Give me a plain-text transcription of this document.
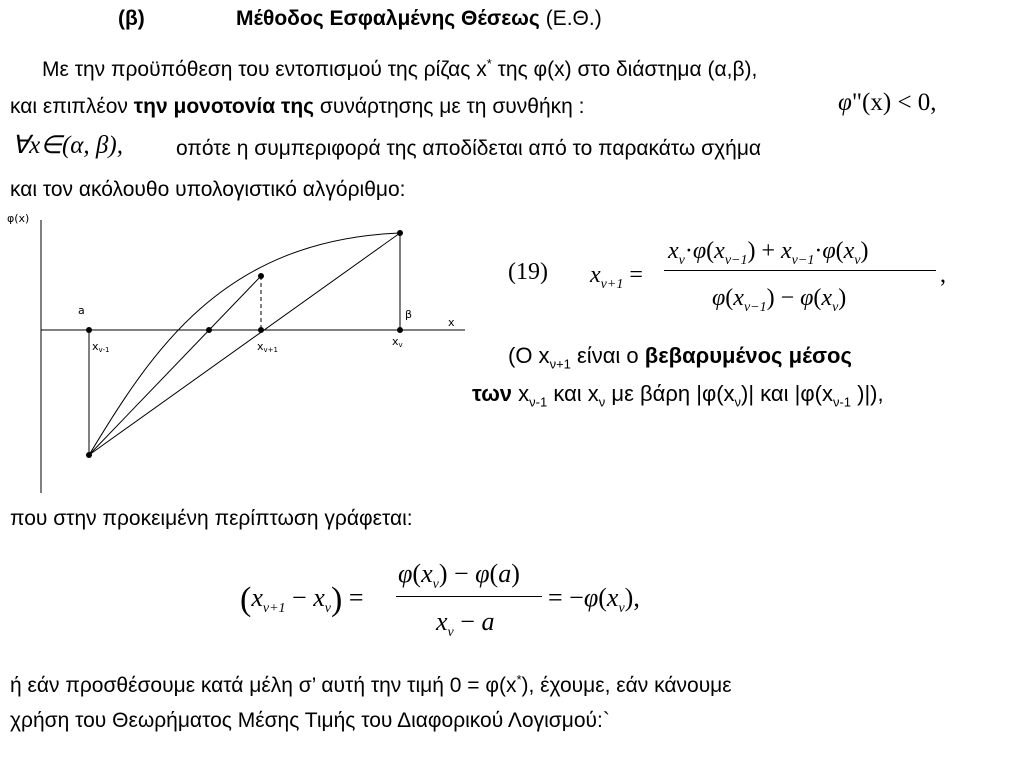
(β)	Μέθοδος Εσφαλμένης Θέσεως (Ε.Θ.)
Με την προϋπόθεση του εντοπισμού της ρίζας x* της φ(x) στο διάστημα (α,β),
και επιπλέον την μονοτονία της συνάρτησης με τη συνθήκη :	φ"(x) < 0,
∀x∈(α, β),	οπότε η συμπεριφορά της αποδίδεται από το παρακάτω σχήμα
και τον ακόλουθο υπολογιστικό αλγόριθμο:
φ(x)
x
a	β
xv-1	xv+1
xv
(19) $x_{\nu+1}$ =
$x_\nu\cdot\varphi(x_{\nu-1}) + x_{\nu-1}\cdot\varphi(x_\nu)$
$\varphi(x_{\nu-1}) - \varphi(x_\nu)$
,
(Ο $x_{\nu+1}$ είναι ο βεβαρυμένος μέσος
των $x_{\nu-1}$ και $x_\nu$ με βάρη $|\varphi(x_\nu)|$ και $|\varphi(x_{\nu-1}$ )|),
που στην προκειμένη περίπτωση γράφεται:
$(x_{\nu+1} - x_\nu)$ =
$\varphi(x_\nu) - \varphi(a)$
$x_\nu - a$
= $-\varphi(x_\nu)$,
ή εάν προσθέσουμε κατά μέλη σ’ αυτή την τιμή 0 = φ(x*), έχουμε, εάν κάνουμε
χρήση του Θεωρήματος Μέσης Τιμής του Διαφορικού Λογισμού:`
